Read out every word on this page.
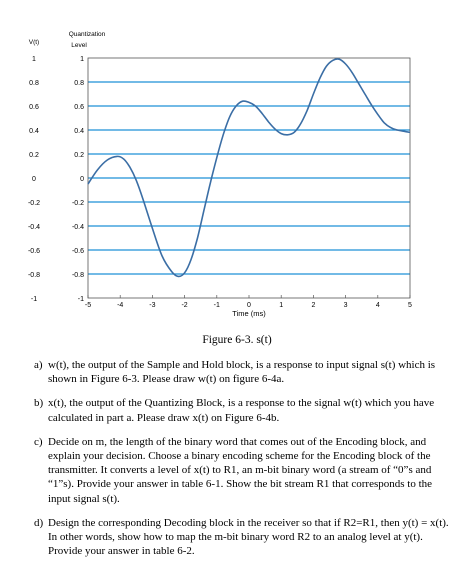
V(t)
Quantization
Level
1
0.8
0.6
0.4
0.2
0
-0.2
-0.4
-0.6
-0.8
-1
1
0.8
0.6
0.4
0.2
0
-0.2
-0.4
-0.6
-0.8
-1
-5	-4	-3	-2	-1	0	1	2	3	4	5
Time (ms)
Figure 6-3. s(t)
a) w(t), the output of the Sample and Hold block, is a response to input signal s(t) which is shown in Figure 6-3. Please draw w(t) on figure 6-4a.
b) x(t), the output of the Quantizing Block, is a response to the signal w(t) which you have calculated in part a. Please draw x(t) on Figure 6-4b.
c) Decide on m, the length of the binary word that comes out of the Encoding block, and explain your decision. Choose a binary encoding scheme for the Encoding block of the transmitter. It converts a level of x(t) to R1, an m-bit binary word (a stream of “0”s and “1”s). Provide your answer in table 6-1. Show the bit stream R1 that corresponds to the input signal s(t).
d) Design the corresponding Decoding block in the receiver so that if R2=R1, then y(t) = x(t). In other words, show how to map the m-bit binary word R2 to an analog level at y(t). Provide your answer in table 6-2.
